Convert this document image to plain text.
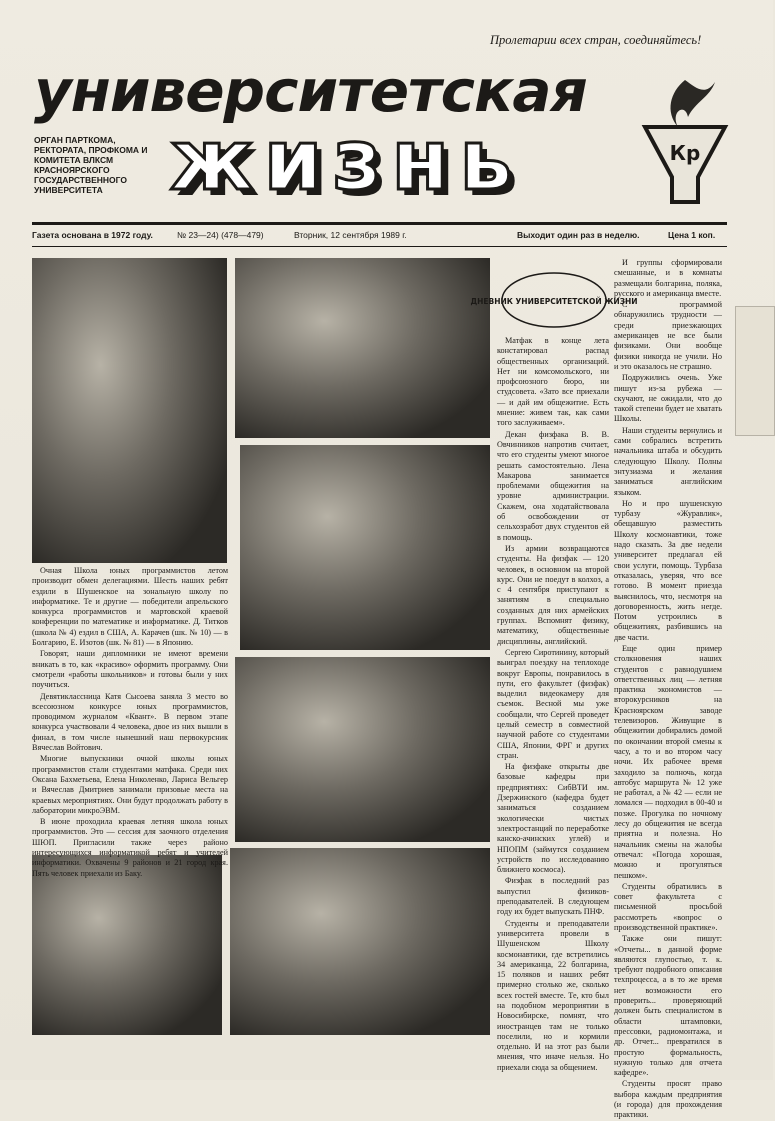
Пролетарии всех стран, соединяйтесь!
университетская
жизнь
ОРГАН ПАРТКОМА, РЕКТОРАТА, ПРОФКОМА И КОМИТЕТА ВЛКСМ КРАСНОЯРСКОГО ГОСУДАРСТВЕННОГО УНИВЕРСИТЕТА
Кр
Газета основана в 1972 году.	№ 23—24) (478—479)	Вторник, 12 сентября 1989 г.	Выходит один раз в неделю.	Цена 1 коп.

Очная Школа юных программистов летом производит обмен делегациями. Шесть наших ребят ездили в Шушенское на зональную школу по информатике. Те и другие — победители апрельского конкурса программистов и мартовской краевой конференции по математике и информатике. Д. Титков (школа № 4) ездил в США, А. Карачев (шк. № 10) — в Болгарию, Е. Изотов (шк. № 81) — в Японию.

Говорят, наши дипломники не имеют времени вникать в то, как «красиво» оформить программу. Они смотрели «работы школьников» и готовы были у них поучиться.

Девятиклассница Катя Сысоева заняла 3 место во всесоюзном конкурсе юных программистов, проводимом журналом «Квант». В первом этапе конкурса участвовали 4 человека, двое из них вышли в финал, в том числе нынешний наш первокурсник Вячеслав Войтович.

Многие выпускники очной школы юных программистов стали студентами матфака. Среди них Оксана Бахметьева, Елена Николенко, Лариса Вельгер и Вячеслав Дмитриев занимали призовые места на краевых мероприятиях. Они будут продолжать работу в лаборатории микроЭВМ.

В июне проходила краевая летняя школа юных программистов. Это — сессия для заочного отделения ШЮП. Пригласили также через районо интересующихся информатикой ребят и учителей информатики. Охвачены 9 районов и 21 город края. Пять человек приехали из Баку.

ДНЕВНИК УНИВЕРСИТЕТСКОЙ ЖИЗНИ

Матфак в конце лета констатировал распад общественных организаций. Нет ни комсомольского, ни профсоюзного бюро, ни студсовета. «Зато все приехали — и дай им общежитие. Есть мнение: живем так, как сами того заслуживаем».

Декан физфака В. В. Овчинников напротив считает, что его студенты умеют многое решать самостоятельно. Лена Макарова занимается проблемами общежития на уровне администрации. Скажем, она ходатайствовала об освобождении от сельхозработ двух студентов ей в помощь.

Из армии возвращаются студенты. На физфак — 120 человек, в основном на второй курс. Они не поедут в колхоз, а с 4 сентября приступают к занятиям в специально созданных для них армейских группах. Вспомнят физику, математику, общественные дисциплины, английский.

Сергею Сиротинину, который выиграл поездку на теплоходе вокруг Европы, понравилось в пути, его факультет (физфак) выделил видеокамеру для съемок. Весной мы уже сообщали, что Сергей проведет целый семестр в совместной научной работе со студентами США, Японии, ФРГ и других стран.

На физфаке открыты две базовые кафедры при предприятиях: СибВТИ им. Дзержинского (кафедра будет заниматься созданием экологически чистых электростанций по переработке канско-ачинских углей) и НПОПМ (займутся созданием устройств по исследованию ближнего космоса).

Физфак в последний раз выпустил физиков-преподавателей. В следующем году их будет выпускать ПНФ.

Студенты и преподаватели университета провели в Шушенском Школу космонавтики, где встретились 34 американца, 22 болгарина, 15 поляков и наших ребят примерно столько же, сколько всех гостей вместе. Те, кто был на подобном мероприятии в Новосибирске, помнят, что иностранцев там не только поселили, но и кормили отдельно. И на этот раз были мнения, что иначе нельзя. Но приехали сюда за общением.

И группы сформировали смешанные, и в комнаты размещали болгарина, поляка, русского и американца вместе.

С программой обнаружились трудности — среди приезжающих американцев не все были физиками. Они вообще физики никогда не учили. Но и это оказалось не страшно.

Подружились очень. Уже пишут из-за рубежа — скучают, не ожидали, что до такой степени будет не хватать Школы.

Наши студенты вернулись и сами собрались встретить начальника штаба и обсудить следующую Школу. Полны энтузиазма и желания заниматься английским языком.

Но и про шушенскую турбазу «Журавлик», обещавшую разместить Школу космонавтики, тоже надо сказать. За две недели университет предлагал ей свои услуги, помощь. Турбаза отказалась, уверяя, что все готово. В момент приезда выяснилось, что, несмотря на договоренность, жить негде. Потом устроились в общежитиях, разбившись на две части.

Еще один пример столкновения наших студентов с равнодушием ответственных лиц — летняя практика экономистов — второкурсников на Красноярском заводе телевизоров. Живущие в общежитии добирались домой по окончании второй смены к часу, а то и во втором часу ночи. Их рабочее время заходило за полночь, когда автобус маршрута № 12 уже не работал, а № 42 — если не ломался — подходил в 00-40 и позже. Прогулка по ночному лесу до общежития не всегда приятна и полезна. Но начальник смены на жалобы отвечал: «Погода хорошая, можно и прогуляться пешком».

Студенты обратились в совет факультета с письменной просьбой рассмотреть «вопрос о производственной практике».

Также они пишут: «Отчеты... в данной форме являются глупостью, т. к. требуют подробного описания техпроцесса, а в то же время нет возможности его проверить... проверяющий должен быть специалистом в области штамповки, прессовки, радиомонтажа, и др. Отчет... превратился в простую формальность, нужную только для отчета кафедре».

Студенты просят право выбора каждым предприятия (и города) для прохождения практики.
